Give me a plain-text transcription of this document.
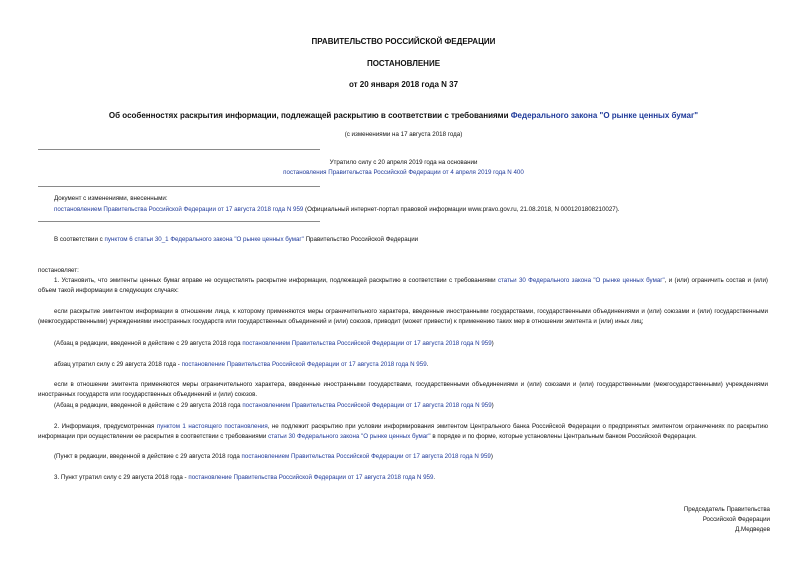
ПРАВИТЕЛЬСТВО РОССИЙСКОЙ ФЕДЕРАЦИИ
ПОСТАНОВЛЕНИЕ
от 20 января 2018 года N 37
Об особенностях раскрытия информации, подлежащей раскрытию в соответствии с требованиями Федерального закона "О рынке ценных бумаг"
(с изменениями на 17 августа 2018 года)
Утратило силу с 20 апреля 2019 года на основании
постановления Правительства Российской Федерации от 4 апреля 2019 года N 400
Документ с изменениями, внесенными:
постановлением Правительства Российской Федерации от 17 августа 2018 года N 959 (Официальный интернет-портал правовой информации www.pravo.gov.ru, 21.08.2018, N 0001201808210027).
В соответствии с пунктом 6 статьи 30_1 Федерального закона "О рынке ценных бумаг" Правительство Российской Федерации
постановляет:
1. Установить, что эмитенты ценных бумаг вправе не осуществлять раскрытие информации, подлежащей раскрытию в соответствии с требованиями статьи 30 Федерального закона "О рынке ценных бумаг", и (или) ограничить состав и (или) объем такой информации в следующих случаях:
если раскрытие эмитентом информации в отношении лица, к которому применяются меры ограничительного характера, введенные иностранными государствами, государственными объединениями и (или) союзами и (или) государственными (межгосударственными) учреждениями иностранных государств или государственных объединений и (или) союзов, приводит (может привести) к применению таких мер в отношении эмитента и (или) иных лиц;
(Абзац в редакции, введенной в действие с 29 августа 2018 года постановлением Правительства Российской Федерации от 17 августа 2018 года N 959)
абзац утратил силу с 29 августа 2018 года - постановление Правительства Российской Федерации от 17 августа 2018 года N 959.
если в отношении эмитента применяются меры ограничительного характера, введенные иностранными государствами, государственными объединениями и (или) союзами и (или) государственными (межгосударственными) учреждениями иностранных государств или государственных объединений и (или) союзов.
(Абзац в редакции, введенной в действие с 29 августа 2018 года постановлением Правительства Российской Федерации от 17 августа 2018 года N 959)
2. Информация, предусмотренная пунктом 1 настоящего постановления, не подлежит раскрытию при условии информирования эмитентом Центрального банка Российской Федерации о предпринятых эмитентом ограничениях по раскрытию информации при осуществлении ее раскрытия в соответствии с требованиями статьи 30 Федерального закона "О рынке ценных бумаг" в порядке и по форме, которые установлены Центральным банком Российской Федерации.
(Пункт в редакции, введенной в действие с 29 августа 2018 года постановлением Правительства Российской Федерации от 17 августа 2018 года N 959)
3. Пункт утратил силу с 29 августа 2018 года - постановление Правительства Российской Федерации от 17 августа 2018 года N 959.
Председатель Правительства
Российской Федерации
Д.Медведев
